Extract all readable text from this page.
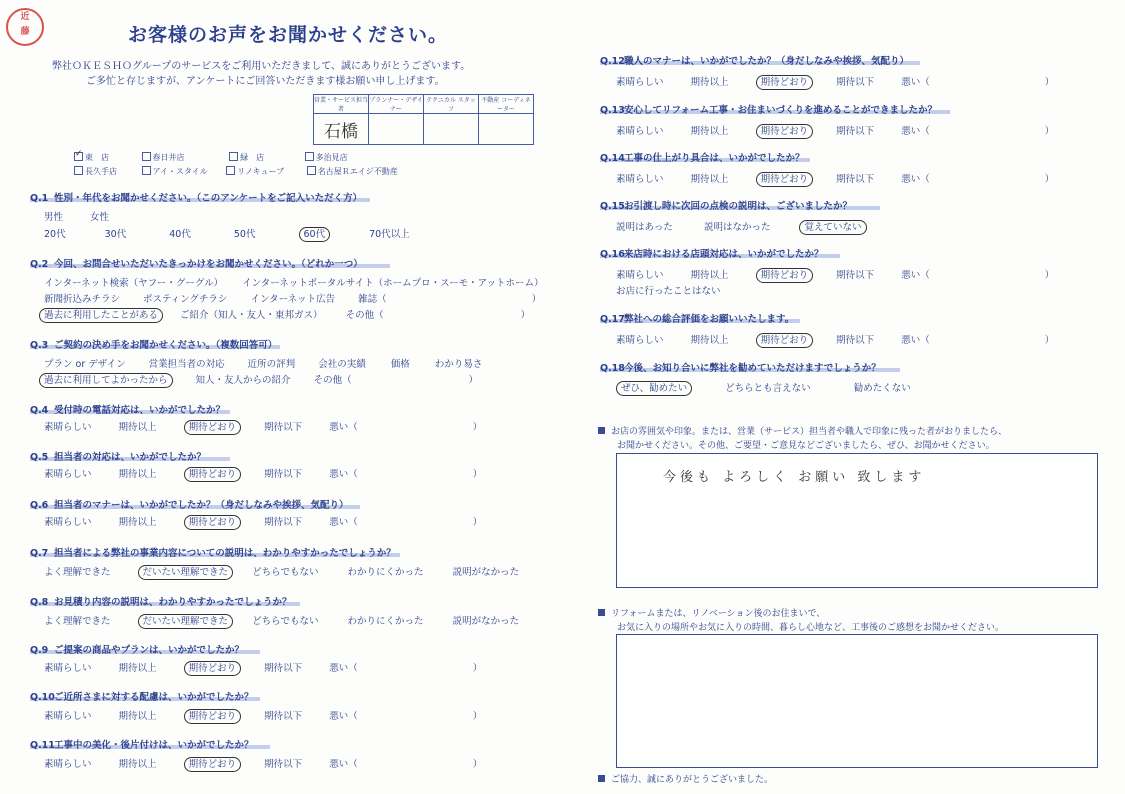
近
藤	お客様のお声をお聞かせください。
弊社ＯＫＥＳＨＯグループのサービスをご利用いただきまして、誠にありがとうございます。
ご多忙と存じますが、アンケートにご回答いただきます様お願い申し上げます。
営業・サービス担当者	プランナー・デザイナー	テクニカル スタッフ	不動産 コーディネーター
石橋			
✓ 東　店	春日井店	緑　店	多治見店
長久手店	アイ・スタイル	リノキューブ	名古屋Ｒエイジ不動産
Q.1 性別・年代をお聞かせください。（このアンケートをご記入いただく方）
男性	女性
20代	30代	40代	50代	60代	70代以上
Q.2 今回、お問合せいただいたきっかけをお聞かせください。（どれか一つ）
インターネット検索（ヤフー・グーグル） インターネットポータルサイト（ホームプロ・スーモ・アットホーム）
新聞折込みチラシ ポスティングチラシ インターネット広告 雑誌（	）
過去に利用したことがある ご紹介（知人・友人・東邦ガス） その他（	）
Q.3 ご契約の決め手をお聞かせください。（複数回答可）
プラン or デザイン 営業担当者の対応 近所の評判 会社の実績	価格	わかり易さ
過去に利用してよかったから	知人・友人からの紹介 その他（	）
Q.4 受付時の電話対応は、いかがでしたか？
素晴らしい	期待以上	期待どおり	期待以下	悪い（	）
Q.5 担当者の対応は、いかがでしたか？
素晴らしい	期待以上	期待どおり	期待以下	悪い（	）
Q.6 担当者のマナーは、いかがでしたか？（身だしなみや挨拶、気配り）
素晴らしい	期待以上	期待どおり	期待以下	悪い（	）
Q.7 担当者による弊社の事業内容についての説明は、わかりやすかったでしょうか？
よく理解できた	だいたい理解できた	どちらでもない	わかりにくかった	説明がなかった
Q.8 お見積り内容の説明は、わかりやすかったでしょうか？
よく理解できた	だいたい理解できた	どちらでもない	わかりにくかった	説明がなかった
Q.9 ご提案の商品やプランは、いかがでしたか？
素晴らしい	期待以上	期待どおり	期待以下	悪い（	）
Q.10ご近所さまに対する配慮は、いかがでしたか？
素晴らしい	期待以上	期待どおり	期待以下	悪い（	）
Q.11工事中の美化・後片付けは、いかがでしたか？
素晴らしい	期待以上	期待どおり	期待以下	悪い（	）
Q.12職人のマナーは、いかがでしたか？（身だしなみや挨拶、気配り）
素晴らしい	期待以上	期待どおり	期待以下	悪い（	）
Q.13安心してリフォーム工事・お住まいづくりを進めることができましたか？
素晴らしい	期待以上	期待どおり	期待以下	悪い（	）
Q.14工事の仕上がり具合は、いかがでしたか？
素晴らしい	期待以上	期待どおり	期待以下	悪い（	）
Q.15お引渡し時に次回の点検の説明は、ございましたか？
説明はあった	説明はなかった	覚えていない
Q.16来店時における店頭対応は、いかがでしたか？
素晴らしい	期待以上	期待どおり	期待以下	悪い（	）
お店に行ったことはない
Q.17弊社への総合評価をお願いいたします。
素晴らしい	期待以上	期待どおり	期待以下	悪い（	）
Q.18今後、お知り合いに弊社を勧めていただけますでしょうか？
ぜひ、勧めたい	どちらとも言えない	勧めたくない
お店の雰囲気や印象。または、営業（サービス）担当者や職人で印象に残った者がおりましたら、
お聞かせください。その他、ご要望・ご意見などございましたら、ぜひ、お聞かせください。
今後も よろしく お願い 致します
リフォームまたは、リノベーション後のお住まいで、
お気に入りの場所やお気に入りの時間、暮らし心地など、工事後のご感想をお聞かせください。
ご協力、誠にありがとうございました。
